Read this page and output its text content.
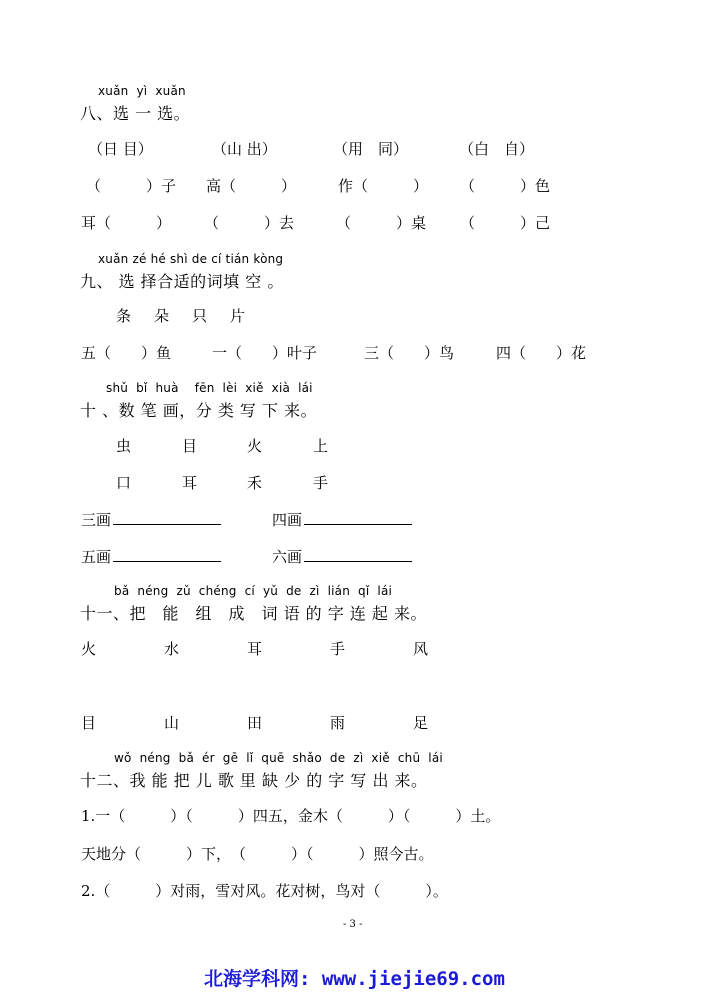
xuǎn  yì  xuǎn
八、选 一 选。
（日 目）	（山 出）	（用　同）	（白　自）
（　　　）子 高（　　　）	作（　　　） （　　　）色
耳（　　　） （　　　）去	（　　　）桌 （　　　）己
xuǎn zé hé shì de cí tián kòng
九、 选 择合适的词填 空 。
条　朵　只　片
五（　　）鱼	一（　　）叶子	三（　　）鸟	四（　　）花
shǔ  bǐ  huà    fēn  lèi  xiě  xià  lái
十 、数 笔 画，分 类 写 下 来。
虫	目	火	上
口	耳	禾	手
三画	四画
五画	六画
bǎ  néng  zǔ  chéng  cí  yǔ  de  zì  lián  qǐ  lái
十一、把　能　组　成　词 语 的 字 连 起 来。
火	水	耳	手	风
目	山	田	雨	足
wǒ  néng  bǎ  ér  gē  lǐ  quē  shǎo  de  zì  xiě  chū  lái
十二、我 能 把 儿 歌 里 缺 少 的 字 写 出 来。
1.一（　　　）（　　　）四五，金木（　　　）（　　　）土。
天地分（　　　）下，　（　　　）（　　　）照今古。
2.（　　　）对雨，雪对风。花对树，鸟对（　　　）。
- 3 -
北海学科网: www.jiejie69.com
